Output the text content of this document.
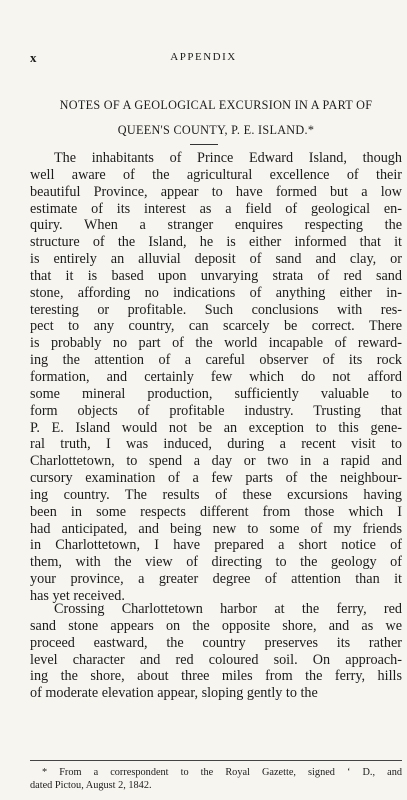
x	APPENDIX
NOTES OF A GEOLOGICAL EXCURSION IN A PART OF
QUEEN'S COUNTY, P. E. ISLAND.*
The inhabitants of Prince Edward Island, though
well aware of the agricultural excellence of their
beautiful Province, appear to have formed but a low
estimate of its interest as a field of geological en-
quiry. When a stranger enquires respecting the
structure of the Island, he is either informed that it
is entirely an alluvial deposit of sand and clay, or
that it is based upon unvarying strata of red sand
stone, affording no indications of anything either in-
teresting or profitable. Such conclusions with res-
pect to any country, can scarcely be correct. There
is probably no part of the world incapable of reward-
ing the attention of a careful observer of its rock
formation, and certainly few which do not afford
some mineral production, sufficiently valuable to
form objects of profitable industry. Trusting that
P. E. Island would not be an exception to this gene-
ral truth, I was induced, during a recent visit to
Charlottetown, to spend a day or two in a rapid and
cursory examination of a few parts of the neighbour-
ing country. The results of these excursions having
been in some respects different from those which I
had anticipated, and being new to some of my friends
in Charlottetown, I have prepared a short notice of
them, with the view of directing to the geology of
your province, a greater degree of attention than it
has yet received.
Crossing Charlottetown harbor at the ferry, red
sand stone appears on the opposite shore, and as we
proceed eastward, the country preserves its rather
level character and red coloured soil. On approach-
ing the shore, about three miles from the ferry, hills
of moderate elevation appear, sloping gently to the
* From a correspondent to the Royal Gazette, signed ‘ D., and
dated Pictou, August 2, 1842.
